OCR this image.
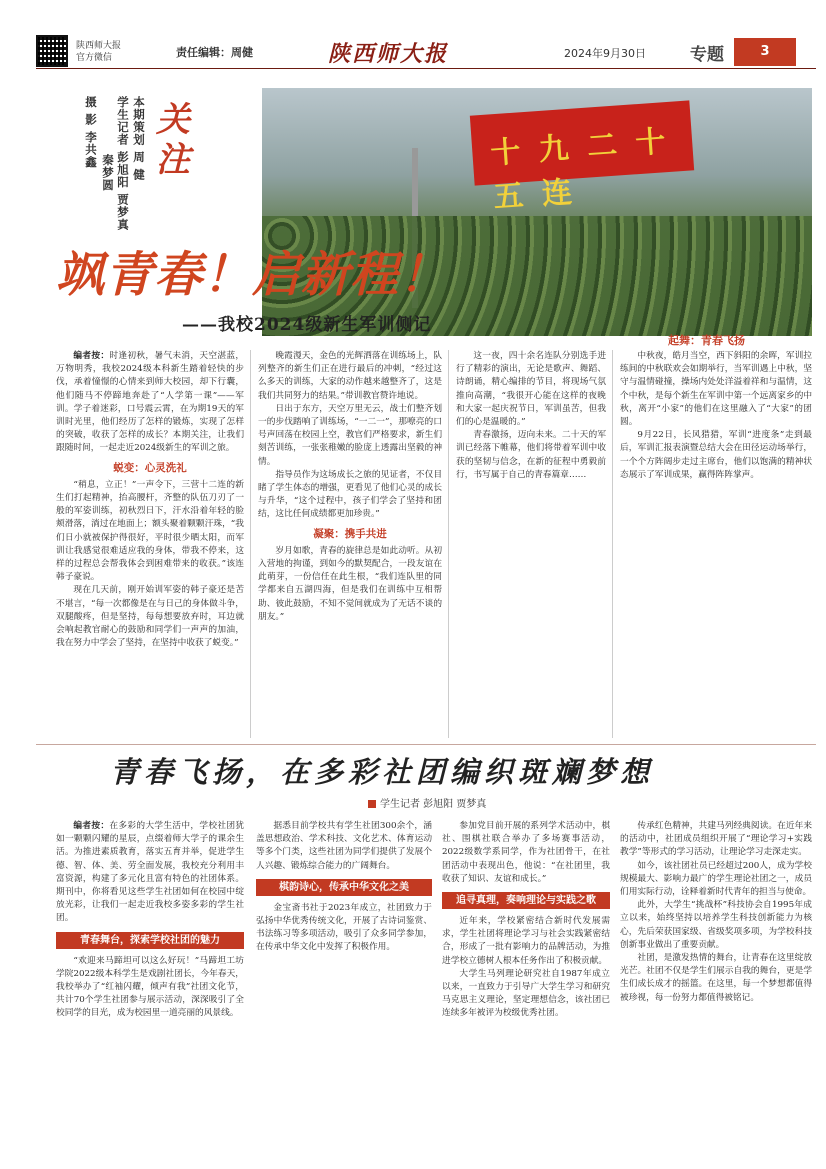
陕西师大报
官方微信	责任编辑：周健	陕西师大报	2024年9月30日	专题	3
十 九 二 十 五 连
关注
本期策划 周 健
学生记者 彭旭阳 贾梦真
秦梦圆
摄 影 李共鑫
飒青春！启新程！
——我校2024级新生军训侧记
起舞：青春飞扬

编者按：时逢初秋，暑气未消，天空湛蓝，万物明秀，我校2024级本科新生踏着轻快的步伐，承着憧憬的心情来到师大校园，却下行囊，他们随马不停蹄地奔赴了“人学第一课”——军训。学子着迷彩，口号震云霄，在为期19天的军训时光里，他们经历了怎样的锻炼，实现了怎样的突破，收获了怎样的成长？本期关注，让我们跟随时间，一起走近2024级新生的军训之旅。

蜕变：心灵洗礼

“稍息，立正！”一声令下，三营十二连的新生们打起精神，抬高腰杆，齐整的队伍刀刃了一般的军姿训练，初秋烈日下，汗水沿着年轻的脸颊滑落，淌过在地面上；额头聚着颗颗汗珠，“我们日小就被保护得很好，平时很少晒太阳，而军训让我感觉很难适应我的身体，带我不停来，这样的过程总会帮我体会到困难带来的收获。”该连韩子豪说。

现在几天前，刚开始训军姿的韩子豪还是苦不堪言，“每一次都像是在与日己的身体做斗争，双腿酸疼，但是坚持，每每想要放弃时，耳边就会响起教官耐心的鼓励和同学们一声声的加油，我在努力中学会了坚持，在坚持中收获了蜕变。”

晚霞漫天，金色的光辉洒落在训练场上，队列整齐的新生们正在进行最后的冲刺，“经过这么多天的训练，大家的动作越来越整齐了，这是我们共同努力的结果。”带训教官赞许地说。

日出于东方，天空万里无云，战士们整齐划一的步伐踏响了训练场，“一二一”，那嘹亮的口号声回荡在校园上空，教官们严格要求，新生们刻苦训练，一张张稚嫩的脸庞上透露出坚毅的神情。

指导员作为这场成长之旅的见证者，不仅目睹了学生体态的增强，更看见了他们心灵的成长与升华，“这个过程中，孩子们学会了坚持和团结，这比任何成绩都更加珍贵。”

凝聚：携手共进

岁月如歌，青春的旋律总是如此动听。从初入营地的拘谨，到如今的默契配合，一段友谊在此萌芽，一份信任在此生根，“我们连队里的同学都来自五湖四海，但是我们在训练中互相帮助、彼此鼓励，不知不觉间就成为了无话不谈的朋友。”

这一夜，四十余名连队分别选手进行了精彩的演出，无论是歌声、舞蹈、诗朗诵，精心编排的节目，将现场气氛推向高潮，“我很开心能在这样的夜晚和大家一起庆祝节日，军训虽苦，但我们的心是温暖的。”

青春激扬，迈向未来。二十天的军训已经落下帷幕，他们将带着军训中收获的坚韧与信念，在新的征程中勇毅前行，书写属于自己的青春篇章……

中秋夜，皓月当空，西下斜阳的余晖，军训拉练间的中秋联欢会如期举行，当军训遇上中秋，坚守与温情碰撞，操场内处处洋溢着祥和与温情，这个中秋，是每个新生在军训中第一个远离家乡的中秋，离开“小家”的他们在这里融入了“大家”的团圆。

9月22日，长风猎猎，军训“进度条”走到最后，军训汇报表演暨总结大会在田径运动场举行，一个个方阵阔步走过主席台，他们以饱满的精神状态展示了军训成果，赢得阵阵掌声。

青春飞扬，在多彩社团编织斑斓梦想
学生记者 彭旭阳 贾梦真

编者按：在多彩的大学生活中，学校社团犹如一颗颗闪耀的星辰，点缀着师大学子的课余生活。为推进素质教育，落实五育并举，促进学生德、智、体、美、劳全面发展，我校充分利用丰富资源，构建了多元化且富有特色的社团体系。期刊中，你将看见这些学生社团如何在校园中绽放光彩，让我们一起走近我校多姿多彩的学生社团。

青春舞台，探索学校社团的魅力

“欢迎来马蹄坦可以这么好玩！”马蹄坦工坊学院2022级本科学生是戏剧社团长，今年春天，我校举办了“红袖闪耀，倾声有我”社团文化节，共计70个学生社团参与展示活动，深深吸引了全校同学的目光，成为校园里一道亮丽的风景线。

据悉目前学校共有学生社团300余个，涵盖思想政治、学术科技、文化艺术、体育运动等多个门类，这些社团为同学们提供了发展个人兴趣、锻炼综合能力的广阔舞台。

棋韵诗心，传承中华文化之美

金宝斋书社于2023年成立，社团致力于弘扬中华优秀传统文化，开展了古诗词鉴赏、书法练习等多项活动，吸引了众多同学参加，在传承中华文化中发挥了积极作用。

参加党目前开展的系列学术活动中，棋社、围棋社联合举办了多场赛事活动，2022级数学系同学，作为社团骨干，在社团活动中表现出色，他说：“在社团里，我收获了知识、友谊和成长。”

追寻真理，奏响理论与实践之歌

近年来，学校紧密结合新时代发展需求，学生社团将理论学习与社会实践紧密结合，形成了一批有影响力的品牌活动，为推进学校立德树人根本任务作出了积极贡献。

大学生马列理论研究社自1987年成立以来，一直致力于引导广大学生学习和研究马克思主义理论，坚定理想信念，该社团已连续多年被评为校级优秀社团。

传承红色精神，共建马列经典阅读。在近年来的活动中，社团成员组织开展了“理论学习+实践教学”等形式的学习活动，让理论学习走深走实。

如今，该社团社员已经超过200人，成为学校规模最大、影响力最广的学生理论社团之一，成员们用实际行动，诠释着新时代青年的担当与使命。

此外，大学生“挑战杯”科技协会自1995年成立以来，始终坚持以培养学生科技创新能力为核心，先后荣获国家级、省级奖项多项，为学校科技创新事业做出了重要贡献。

社团，是激发热情的舞台，让青春在这里绽放光芒。社团不仅是学生们展示自我的舞台，更是学生们成长成才的摇篮。在这里，每一个梦想都值得被珍视，每一份努力都值得被铭记。
